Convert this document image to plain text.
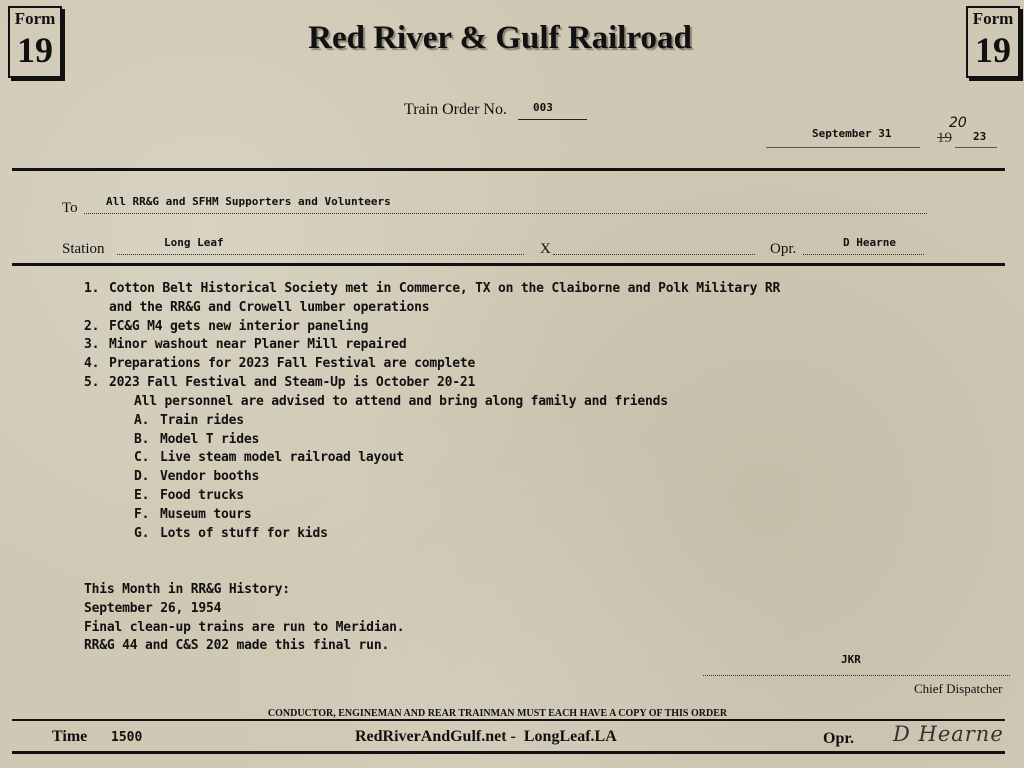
Form
19
Form
19
Red River & Gulf Railroad
Train Order No. 003
September 31	19
20
23
To	All RR&G and SFHM Supporters and Volunteers
Station	Long Leaf	X	Opr.	D Hearne
1. Cotton Belt Historical Society met in Commerce, TX on the Claiborne and Polk Military RR
and the RR&G and Crowell lumber operations
2. FC&G M4 gets new interior paneling
3. Minor washout near Planer Mill repaired
4. Preparations for 2023 Fall Festival are complete
5. 2023 Fall Festival and Steam-Up is October 20-21
All personnel are advised to attend and bring along family and friends
A. Train rides
B. Model T rides
C. Live steam model railroad layout
D. Vendor booths
E. Food trucks
F. Museum tours
G. Lots of stuff for kids
This Month in RR&G History:
September 26, 1954
Final clean-up trains are run to Meridian.
RR&G 44 and C&S 202 made this final run.
JKR
Chief Dispatcher
CONDUCTOR, ENGINEMAN AND REAR TRAINMAN MUST EACH HAVE A COPY OF THIS ORDER
Time 1500	RedRiverAndGulf.net -  LongLeaf.LA	Opr. D Hearne
